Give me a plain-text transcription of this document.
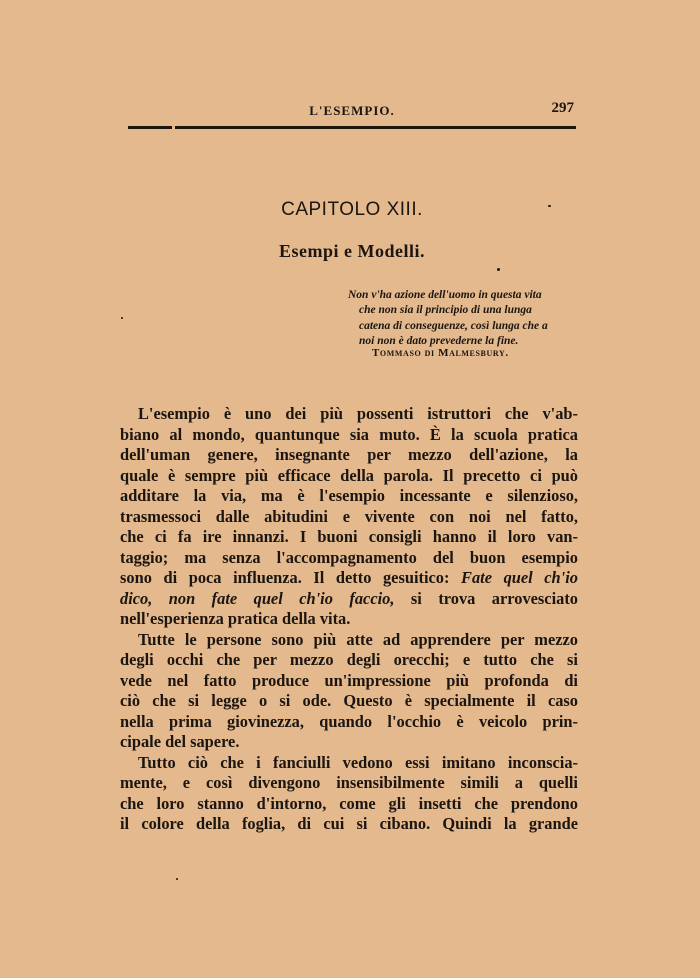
L'ESEMPIO.	297
CAPITOLO XIII.
Esempi e Modelli.
Non v'ha azione dell'uomo in questa vita
che non sia il principio di una lunga
catena di conseguenze, così lunga che a
noi non è dato prevederne la fine.
Tommaso di Malmesbury.
L'esempio è uno dei più possenti istruttori che v'ab-
biano al mondo, quantunque sia muto. È la scuola pratica
dell'uman genere, insegnante per mezzo dell'azione, la
quale è sempre più efficace della parola. Il precetto ci può
additare la via, ma è l'esempio incessante e silenzioso,
trasmessoci dalle abitudini e vivente con noi nel fatto,
che ci fa ire innanzi. I buoni consigli hanno il loro van-
taggio; ma senza l'accompagnamento del buon esempio
sono di poca influenza. Il detto gesuitico: Fate quel ch'io
dico, non fate quel ch'io faccio, si trova arrovesciato
nell'esperienza pratica della vita.
Tutte le persone sono più atte ad apprendere per mezzo
degli occhi che per mezzo degli orecchi; e tutto che si
vede nel fatto produce un'impressione più profonda di
ciò che si legge o si ode. Questo è specialmente il caso
nella prima giovinezza, quando l'occhio è veicolo prin-
cipale del sapere.
Tutto ciò che i fanciulli vedono essi imitano inconscia-
mente, e così divengono insensibilmente simili a quelli
che loro stanno d'intorno, come gli insetti che prendono
il colore della foglia, di cui si cibano. Quindi la grande
